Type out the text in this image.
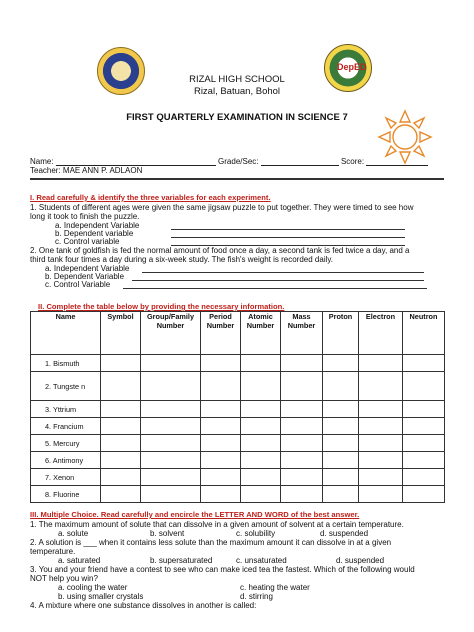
DepED
RIZAL HIGH SCHOOL
Rizal, Batuan, Bohol
FIRST QUARTERLY EXAMINATION IN SCIENCE 7
Name:	Grade/Sec:	Score:
Teacher: MAE ANN P. ADLAON
I. Read carefully & identify the three variables for each experiment.
1. Students of different ages were given the same jigsaw puzzle to put together. They were timed to see how
long it took to finish the puzzle.
a. Independent Variable
b. Dependent variable
c. Control variable
2. One tank of goldfish is fed the normal amount of food once a day, a second tank is fed twice a day, and a
third tank four times a day during a six-week study. The fish's weight is recorded daily.
a. Independent Variable
b. Dependent Variable
c. Control Variable
II. Complete the table below by providing the necessary information.
Name	Symbol	Group/Family Number	Period Number	Atomic Number	Mass Number	Proton	Electron	Neutron
1. Bismuth								
2. Tungste n								
3. Yttrium								
4. Francium								
5. Mercury								
6. Antimony								
7. Xenon								
8. Fluorine								
III. Multiple Choice. Read carefully and encircle the LETTER AND WORD of the best answer.
1. The maximum amount of solute that can dissolve in a given amount of solvent at a certain temperature.
a. solute	b. solvent	c. solubility	d. suspended
2. A solution is ___ when it contains less solute than the maximum amount it can dissolve in at a given
temperature.
a. saturated	b. supersaturated	c. unsaturated	d. suspended
3. You and your friend have a contest to see who can make iced tea the fastest. Which of the following would
NOT help you win?
a. cooling the water	c. heating the water
b. using smaller crystals	d. stirring
4. A mixture where one substance dissolves in another is called:
